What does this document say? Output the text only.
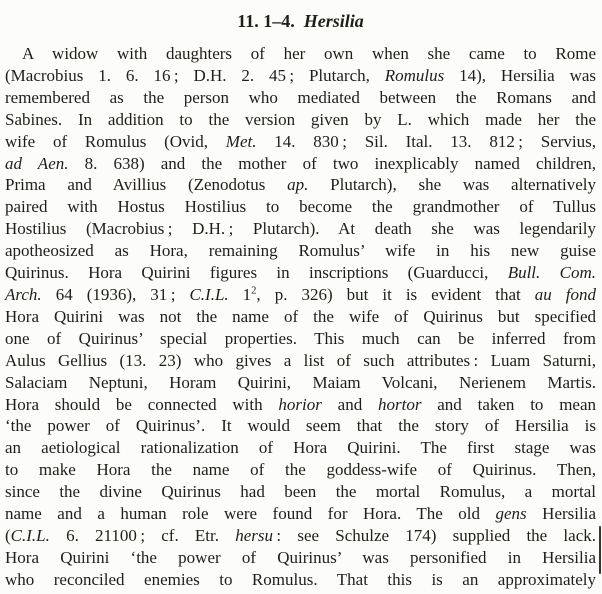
11. 1–4. Hersilia
A widow with daughters of her own when she came to Rome
(Macrobius 1. 6. 16 ; D.H. 2. 45 ; Plutarch, Romulus 14), Hersilia was
remembered as the person who mediated between the Romans and
Sabines. In addition to the version given by L. which made her the
wife of Romulus (Ovid, Met. 14. 830 ; Sil. Ital. 13. 812 ; Servius,
ad Aen. 8. 638) and the mother of two inexplicably named children,
Prima and Avillius (Zenodotus ap. Plutarch), she was alternatively
paired with Hostus Hostilius to become the grandmother of Tullus
Hostilius (Macrobius ; D.H. ; Plutarch). At death she was legendarily
apotheosized as Hora, remaining Romulus’ wife in his new guise
Quirinus. Hora Quirini figures in inscriptions (Guarducci, Bull. Com.
Arch. 64 (1936), 31 ; C.I.L. $1^2$, p. 326) but it is evident that au fond
Hora Quirini was not the name of the wife of Quirinus but specified
one of Quirinus’ special properties. This much can be inferred from
Aulus Gellius (13. 23) who gives a list of such attributes : Luam Saturni,
Salaciam Neptuni, Horam Quirini, Maiam Volcani, Nerienem Martis.
Hora should be connected with horior and hortor and taken to mean
‘the power of Quirinus’. It would seem that the story of Hersilia is
an aetiological rationalization of Hora Quirini. The first stage was
to make Hora the name of the goddess-wife of Quirinus. Then,
since the divine Quirinus had been the mortal Romulus, a mortal
name and a human role were found for Hora. The old gens Hersilia
(C.I.L. 6. 21100 ; cf. Etr. hersu : see Schulze 174) supplied the lack.
Hora Quirini ‘the power of Quirinus’ was personified in Hersilia
who reconciled enemies to Romulus. That this is an approximately
